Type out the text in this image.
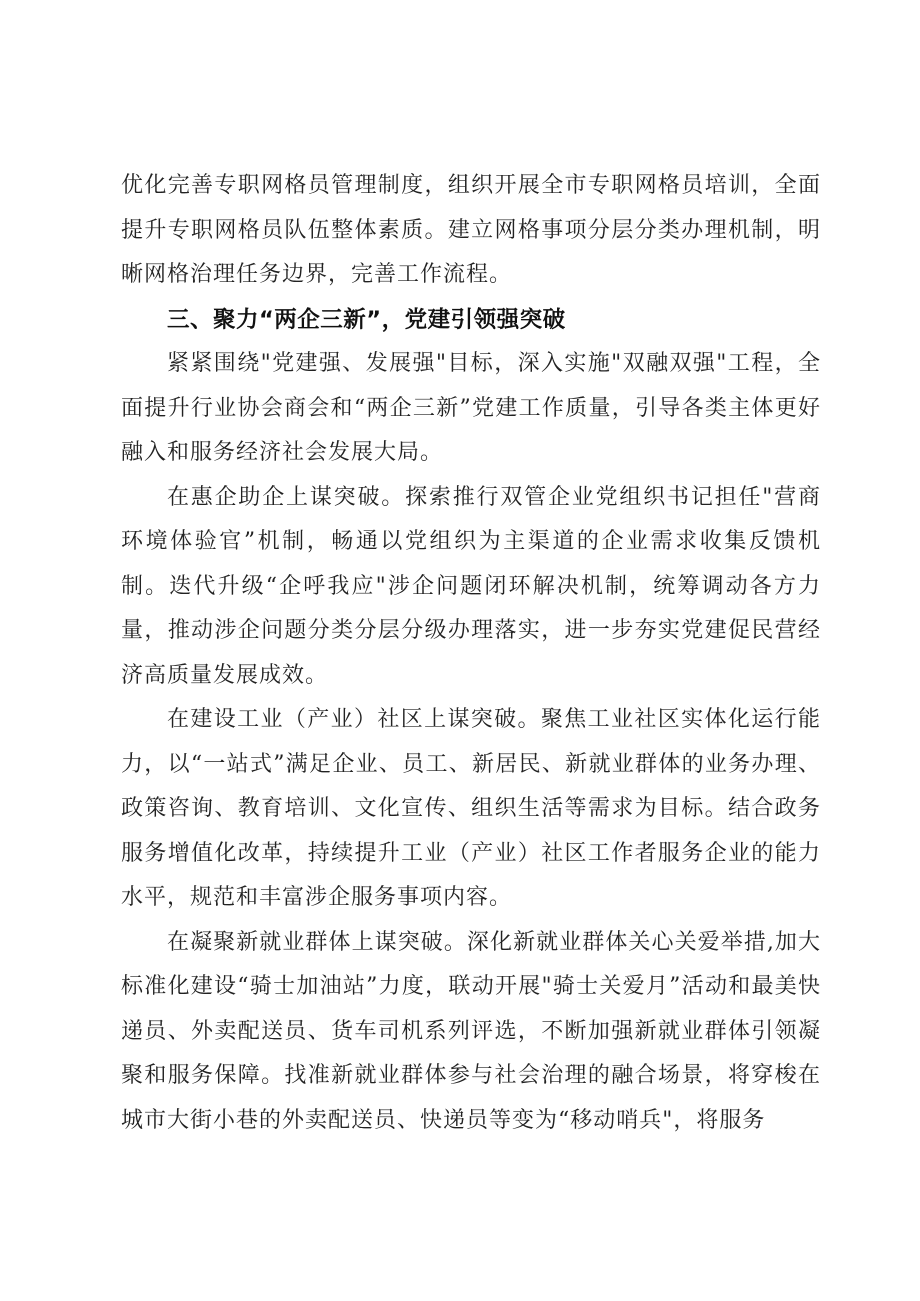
优化完善专职网格员管理制度，组织开展全市专职网格员培训，全面提升专职网格员队伍整体素质。建立网格事项分层分类办理机制，明晰网格治理任务边界，完善工作流程。

三、聚力“两企三新”，党建引领强突破

紧紧围绕"党建强、发展强"目标，深入实施"双融双强"工程，全面提升行业协会商会和“两企三新”党建工作质量，引导各类主体更好融入和服务经济社会发展大局。

在惠企助企上谋突破。探索推行双管企业党组织书记担任"营商环境体验官”机制，畅通以党组织为主渠道的企业需求收集反馈机制。迭代升级“企呼我应"涉企问题闭环解决机制，统筹调动各方力量，推动涉企问题分类分层分级办理落实，进一步夯实党建促民营经济高质量发展成效。

在建设工业（产业）社区上谋突破。聚焦工业社区实体化运行能力，以“一站式”满足企业、员工、新居民、新就业群体的业务办理、政策咨询、教育培训、文化宣传、组织生活等需求为目标。结合政务服务增值化改革，持续提升工业（产业）社区工作者服务企业的能力水平，规范和丰富涉企服务事项内容。

在凝聚新就业群体上谋突破。深化新就业群体关心关爱举措,加大标准化建设“骑士加油站”力度，联动开展"骑士关爱月”活动和最美快递员、外卖配送员、货车司机系列评选，不断加强新就业群体引领凝聚和服务保障。找准新就业群体参与社会治理的融合场景，将穿梭在城市大街小巷的外卖配送员、快递员等变为“移动哨兵"，将服务
